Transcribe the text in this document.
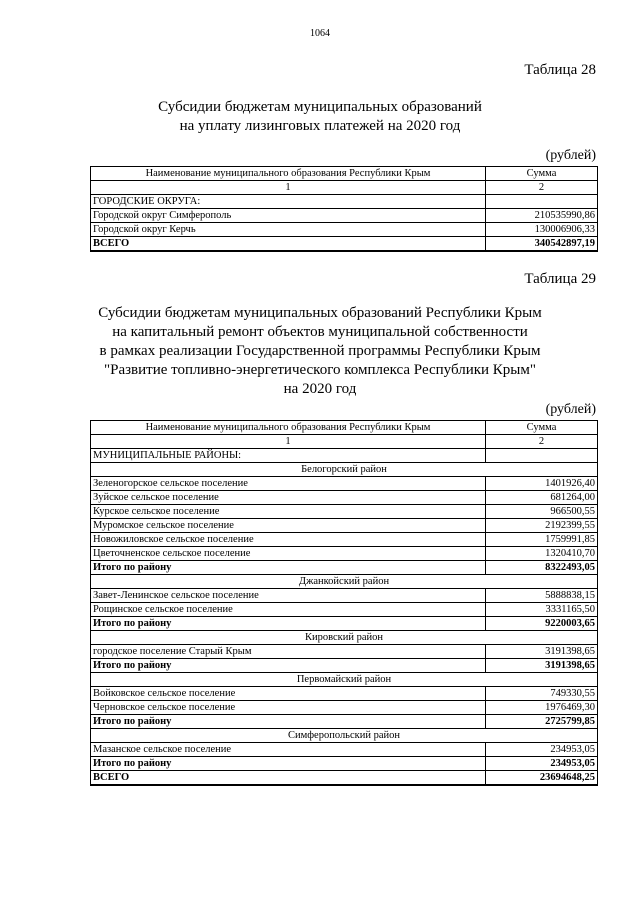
1064
Таблица 28
Субсидии бюджетам муниципальных образований
на уплату лизинговых платежей на 2020 год
(рублей)
Наименование муниципального образования Республики Крым	Сумма
1	2
ГОРОДСКИЕ ОКРУГА:	
Городской округ Симферополь	210535990,86
Городской округ Керчь	130006906,33
ВСЕГО	340542897,19
Таблица 29
Субсидии бюджетам муниципальных образований Республики Крым
на капитальный ремонт объектов муниципальной собственности
в рамках реализации Государственной программы Республики Крым
"Развитие топливно-энергетического комплекса Республики Крым"
на 2020 год
(рублей)
Наименование муниципального образования Республики Крым	Сумма
1	2
МУНИЦИПАЛЬНЫЕ РАЙОНЫ:	
Белогорский район	
Зеленогорское сельское поселение	1401926,40
Зуйское сельское поселение	681264,00
Курское сельское поселение	966500,55
Муромское сельское поселение	2192399,55
Новожиловское сельское поселение	1759991,85
Цветочненское сельское поселение	1320410,70
Итого по району	8322493,05
Джанкойский район	
Завет-Ленинское сельское поселение	5888838,15
Рощинское сельское поселение	3331165,50
Итого по району	9220003,65
Кировский район	
городское поселение Старый Крым	3191398,65
Итого по району	3191398,65
Первомайский район	
Войковское сельское поселение	749330,55
Черновское сельское поселение	1976469,30
Итого по району	2725799,85
Симферопольский район	
Мазанское сельское поселение	234953,05
Итого по району	234953,05
ВСЕГО	23694648,25
